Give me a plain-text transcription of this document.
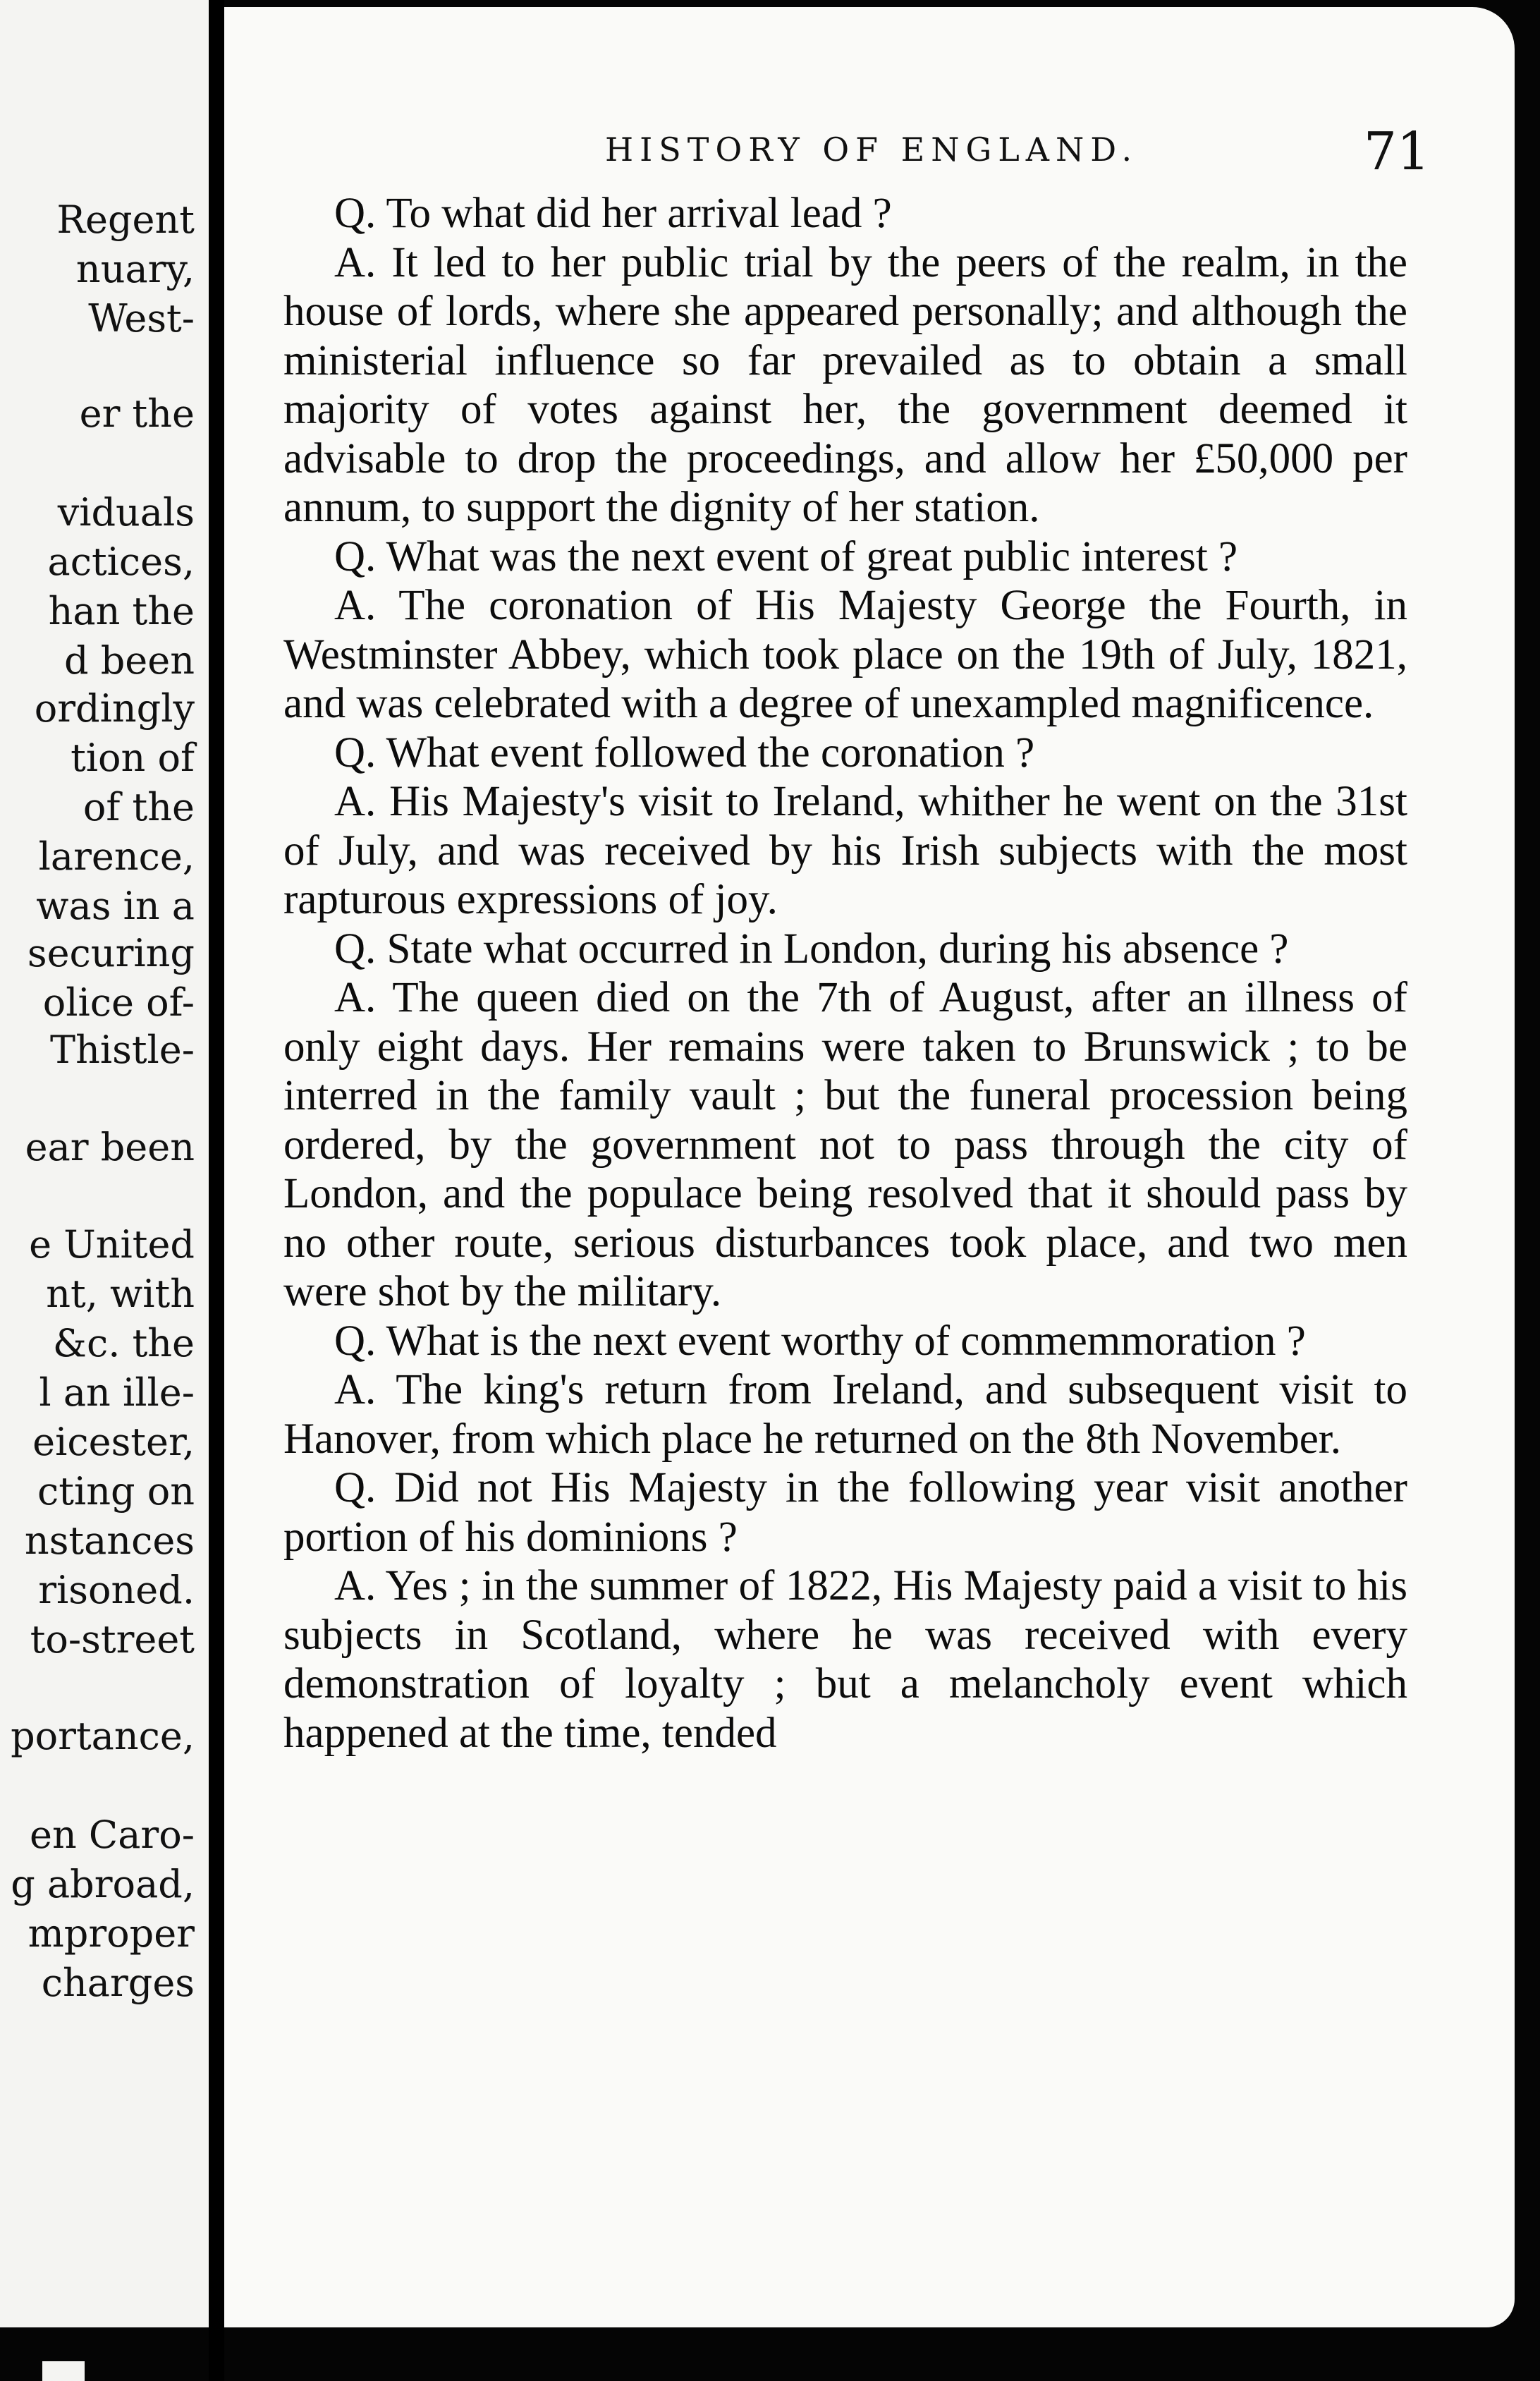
Regent
nuary,
West-
er the
viduals
actices,
han the
d been
ordingly
tion of
of the
larence,
was in a
securing
olice of-
Thistle-
ear been
e United
nt, with
&c. the
l an ille-
eicester,
cting on
nstances
risoned.
to-street
portance,
en Caro-
g abroad,
mproper
charges
HISTORY OF ENGLAND.	71

Q. To what did her arrival lead ?

A. It led to her public trial by the peers of the realm, in the house of lords, where she appeared personally; and although the ministerial influence so far prevailed as to obtain a small majority of votes against her, the government deemed it advisable to drop the proceedings, and allow her £50,000 per annum, to support the dignity of her station.

Q. What was the next event of great public interest ?

A. The coronation of His Majesty George the Fourth, in Westminster Abbey, which took place on the 19th of July, 1821, and was celebrated with a degree of unexampled magnificence.

Q. What event followed the coronation ?

A. His Majesty's visit to Ireland, whither he went on the 31st of July, and was received by his Irish subjects with the most rapturous expressions of joy.

Q. State what occurred in London, during his absence ?

A. The queen died on the 7th of August, after an illness of only eight days. Her remains were taken to Brunswick ; to be interred in the family vault ; but the funeral procession being ordered, by the government not to pass through the city of London, and the populace being resolved that it should pass by no other route, serious disturbances took place, and two men were shot by the military.

Q. What is the next event worthy of commemmoration ?

A. The king's return from Ireland, and subsequent visit to Hanover, from which place he returned on the 8th November.

Q. Did not His Majesty in the following year visit another portion of his dominions ?

A. Yes ; in the summer of 1822, His Majesty paid a visit to his subjects in Scotland, where he was received with every demonstration of loyalty ; but a melancholy event which happened at the time, tended
